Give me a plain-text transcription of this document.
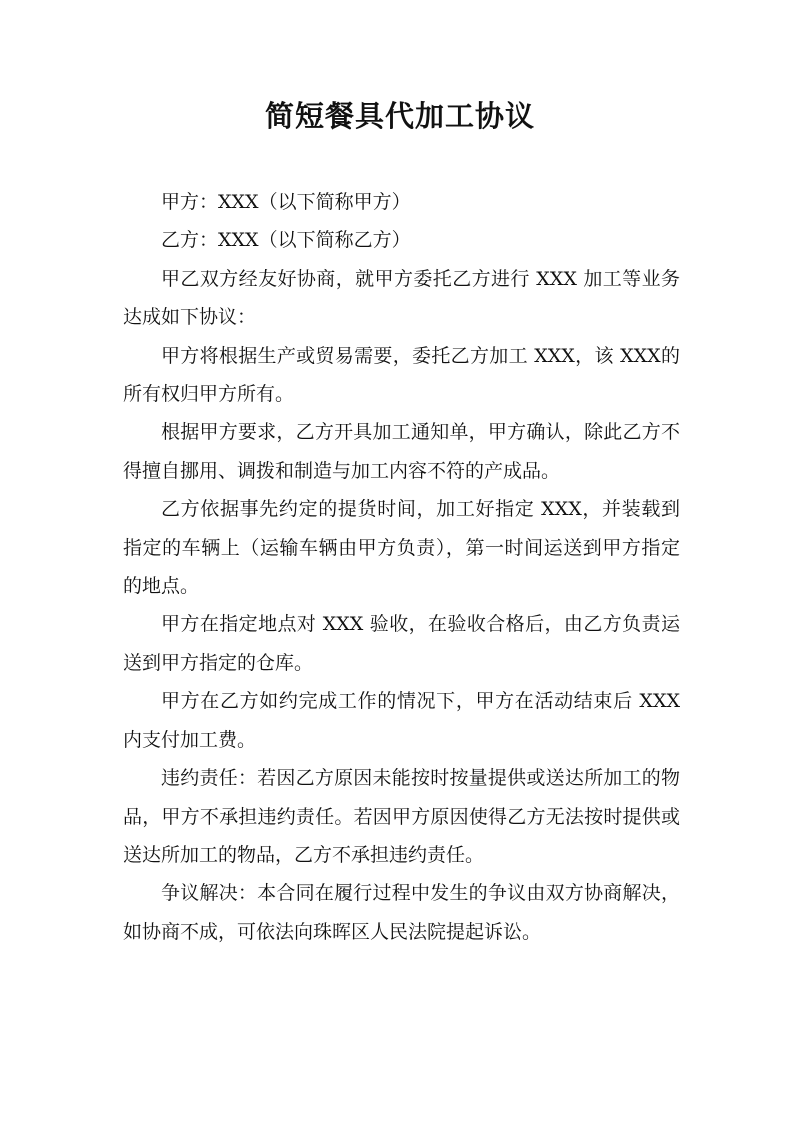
简短餐具代加工协议

甲方：XXX（以下简称甲方）

乙方：XXX（以下简称乙方）

甲乙双方经友好协商，就甲方委托乙方进行 XXX 加工等业务达成如下协议：

甲方将根据生产或贸易需要，委托乙方加工 XXX，该 XXX的所有权归甲方所有。

根据甲方要求，乙方开具加工通知单，甲方确认，除此乙方不得擅自挪用、调拨和制造与加工内容不符的产成品。

乙方依据事先约定的提货时间，加工好指定 XXX，并装载到指定的车辆上（运输车辆由甲方负责），第一时间运送到甲方指定的地点。

甲方在指定地点对 XXX 验收，在验收合格后，由乙方负责运送到甲方指定的仓库。

甲方在乙方如约完成工作的情况下，甲方在活动结束后 XXX 内支付加工费。

违约责任：若因乙方原因未能按时按量提供或送达所加工的物品，甲方不承担违约责任。若因甲方原因使得乙方无法按时提供或送达所加工的物品，乙方不承担违约责任。

争议解决：本合同在履行过程中发生的争议由双方协商解决，如协商不成，可依法向珠晖区人民法院提起诉讼。
